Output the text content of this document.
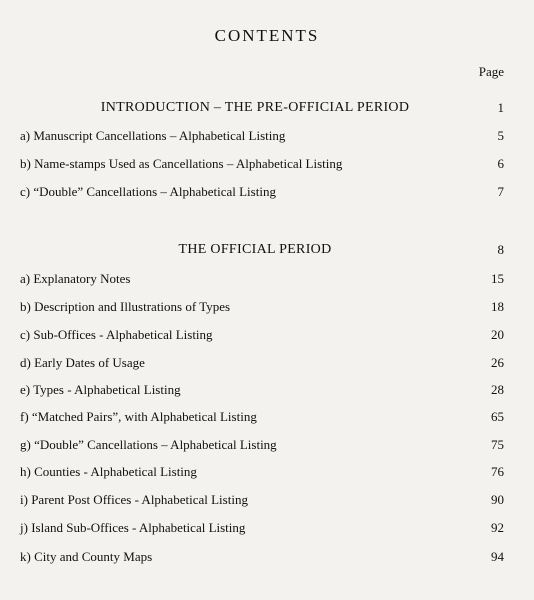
CONTENTS
Page
INTRODUCTION – THE PRE-OFFICIAL PERIOD	1
a) Manuscript Cancellations – Alphabetical Listing	5
b) Name-stamps Used as Cancellations – Alphabetical Listing	6
c) “Double” Cancellations – Alphabetical Listing	7
THE OFFICIAL PERIOD	8
a) Explanatory Notes	15
b) Description and Illustrations of Types	18
c) Sub-Offices - Alphabetical Listing	20
d) Early Dates of Usage	26
e) Types - Alphabetical Listing	28
f) “Matched Pairs”, with Alphabetical Listing	65
g) “Double” Cancellations – Alphabetical Listing	75
h) Counties - Alphabetical Listing	76
i) Parent Post Offices - Alphabetical Listing	90
j) Island Sub-Offices - Alphabetical Listing	92
k) City and County Maps	94
